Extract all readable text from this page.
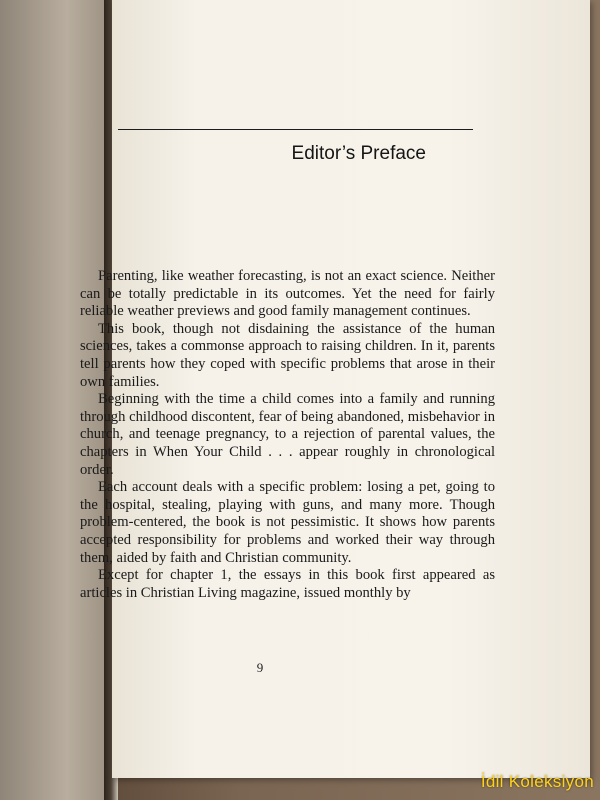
Editor’s Preface

Parenting, like weather forecasting, is not an exact science. Neither can be totally predictable in its outcomes. Yet the need for fairly reliable weather previews and good family management continues.

This book, though not disdaining the assistance of the human sciences, takes a commonse approach to raising children. In it, parents tell parents how they coped with specific problems that arose in their own families.

Beginning with the time a child comes into a family and running through childhood discontent, fear of being abandoned, misbehavior in church, and teenage pregnancy, to a rejection of parental values, the chapters in When Your Child . . . appear roughly in chronological order.

Each account deals with a specific problem: losing a pet, going to the hospital, stealing, playing with guns, and many more. Though problem-centered, the book is not pessimistic. It shows how parents accepted responsibility for problems and worked their way through them, aided by faith and Christian community.

Except for chapter 1, the essays in this book first appeared as articles in Christian Living magazine, issued monthly by

9
İdil Koleksiyon
